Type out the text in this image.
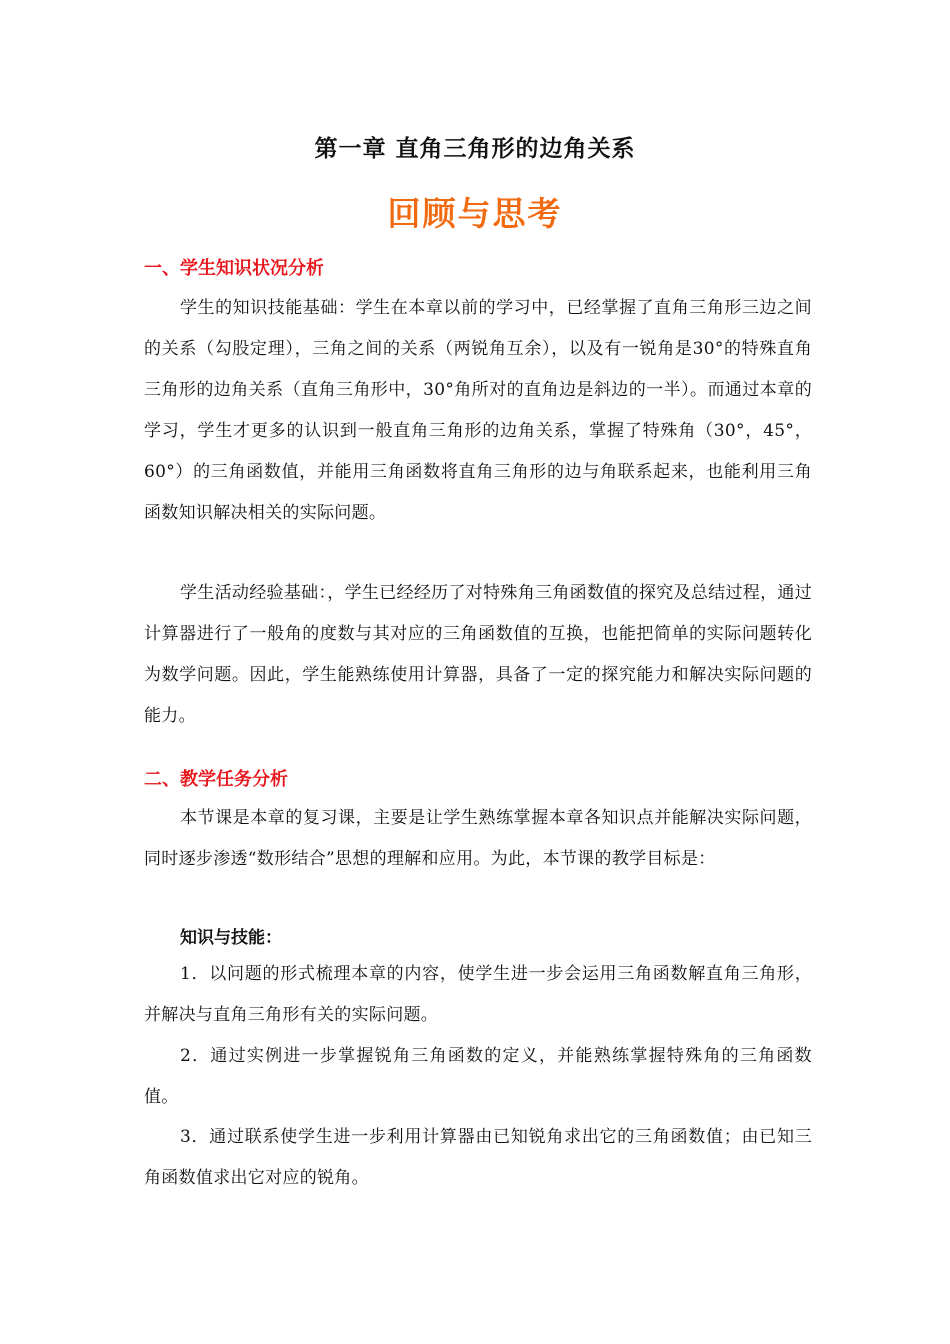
第一章 直角三角形的边角关系
回顾与思考
一、学生知识状况分析
学生的知识技能基础：学生在本章以前的学习中，已经掌握了直角三角形三边之间的关系（勾股定理），三角之间的关系（两锐角互余），以及有一锐角是30°的特殊直角三角形的边角关系（直角三角形中，30°角所对的直角边是斜边的一半）。而通过本章的学习，学生才更多的认识到一般直角三角形的边角关系，掌握了特殊角（30°，45°，60°）的三角函数值，并能用三角函数将直角三角形的边与角联系起来，也能利用三角函数知识解决相关的实际问题。
学生活动经验基础：，学生已经经历了对特殊角三角函数值的探究及总结过程，通过计算器进行了一般角的度数与其对应的三角函数值的互换，也能把简单的实际问题转化为数学问题。因此，学生能熟练使用计算器，具备了一定的探究能力和解决实际问题的能力。
二、教学任务分析
本节课是本章的复习课，主要是让学生熟练掌握本章各知识点并能解决实际问题，同时逐步渗透“数形结合”思想的理解和应用。为此，本节课的教学目标是：
知识与技能：
1．以问题的形式梳理本章的内容，使学生进一步会运用三角函数解直角三角形，并解决与直角三角形有关的实际问题。
2．通过实例进一步掌握锐角三角函数的定义，并能熟练掌握特殊角的三角函数值。
3．通过联系使学生进一步利用计算器由已知锐角求出它的三角函数值；由已知三角函数值求出它对应的锐角。
